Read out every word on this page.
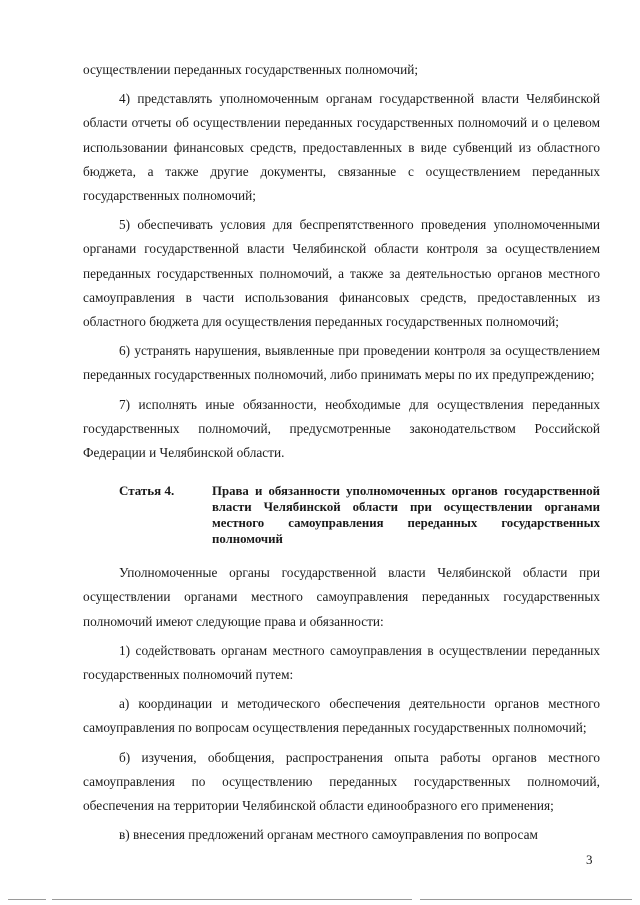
осуществлении переданных государственных полномочий;

4) представлять уполномоченным органам государственной власти Челябинской области отчеты об осуществлении переданных государственных полномочий и о целевом использовании финансовых средств, предоставленных в виде субвенций из областного бюджета, а также другие документы, связанные с осуществлением переданных государственных полномочий;

5) обеспечивать условия для беспрепятственного проведения уполномоченными органами государственной власти Челябинской области контроля за осуществлением переданных государственных полномочий, а также за деятельностью органов местного самоуправления в части использования финансовых средств, предоставленных из областного бюджета для осуществления переданных государственных полномочий;

6) устранять нарушения, выявленные при проведении контроля за осуществлением переданных государственных полномочий, либо принимать меры по их предупреждению;

7) исполнять иные обязанности, необходимые для осуществления переданных государственных полномочий, предусмотренные законодательством Российской Федерации и Челябинской области.

Статья 4.	Права и обязанности уполномоченных органов государственной власти Челябинской области при осуществлении органами местного самоуправления переданных государственных полномочий

Уполномоченные органы государственной власти Челябинской области при осуществлении органами местного самоуправления переданных государственных полномочий имеют следующие права и обязанности:

1) содействовать органам местного самоуправления в осуществлении переданных государственных полномочий путем:

а) координации и методического обеспечения деятельности органов местного самоуправления по вопросам осуществления переданных государственных полномочий;

б) изучения, обобщения, распространения опыта работы органов местного самоуправления по осуществлению переданных государственных полномочий, обеспечения на территории Челябинской области единообразного его применения;

в) внесения предложений органам местного самоуправления по вопросам

3
